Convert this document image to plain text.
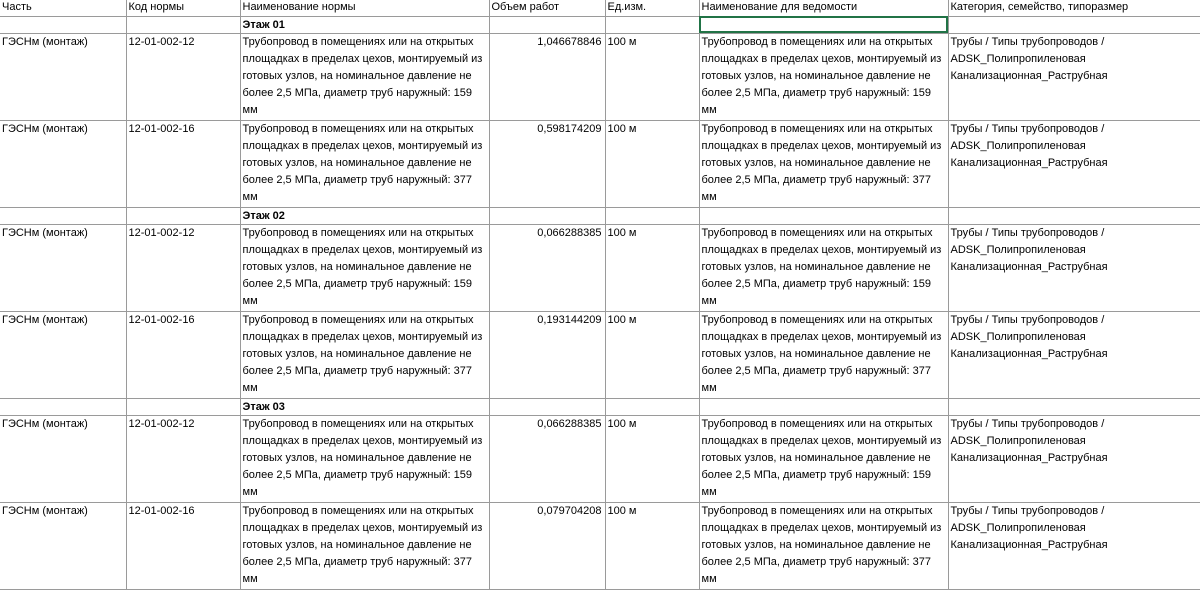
Часть	Код нормы	Наименование нормы	Объем работ	Ед.изм.	Наименование для ведомости	Категория, семейство, типоразмер
		Этаж 01				
ГЭСНм (монтаж)	12-01-002-12	Трубопровод в помещениях или на открытых площадках в пределах цехов, монтируемый из готовых узлов, на номинальное давление не более 2,5 МПа, диаметр труб наружный: 159 мм	1,046678846	100 м	Трубопровод в помещениях или на открытых площадках в пределах цехов, монтируемый из готовых узлов, на номинальное давление не более 2,5 МПа, диаметр труб наружный: 159 мм	Трубы / Типы трубопроводов / ADSK_Полипропиленовая Канализационная_Раструбная
ГЭСНм (монтаж)	12-01-002-16	Трубопровод в помещениях или на открытых площадках в пределах цехов, монтируемый из готовых узлов, на номинальное давление не более 2,5 МПа, диаметр труб наружный: 377 мм	0,598174209	100 м	Трубопровод в помещениях или на открытых площадках в пределах цехов, монтируемый из готовых узлов, на номинальное давление не более 2,5 МПа, диаметр труб наружный: 377 мм	Трубы / Типы трубопроводов / ADSK_Полипропиленовая Канализационная_Раструбная
		Этаж 02				
ГЭСНм (монтаж)	12-01-002-12	Трубопровод в помещениях или на открытых площадках в пределах цехов, монтируемый из готовых узлов, на номинальное давление не более 2,5 МПа, диаметр труб наружный: 159 мм	0,066288385	100 м	Трубопровод в помещениях или на открытых площадках в пределах цехов, монтируемый из готовых узлов, на номинальное давление не более 2,5 МПа, диаметр труб наружный: 159 мм	Трубы / Типы трубопроводов / ADSK_Полипропиленовая Канализационная_Раструбная
ГЭСНм (монтаж)	12-01-002-16	Трубопровод в помещениях или на открытых площадках в пределах цехов, монтируемый из готовых узлов, на номинальное давление не более 2,5 МПа, диаметр труб наружный: 377 мм	0,193144209	100 м	Трубопровод в помещениях или на открытых площадках в пределах цехов, монтируемый из готовых узлов, на номинальное давление не более 2,5 МПа, диаметр труб наружный: 377 мм	Трубы / Типы трубопроводов / ADSK_Полипропиленовая Канализационная_Раструбная
		Этаж 03				
ГЭСНм (монтаж)	12-01-002-12	Трубопровод в помещениях или на открытых площадках в пределах цехов, монтируемый из готовых узлов, на номинальное давление не более 2,5 МПа, диаметр труб наружный: 159 мм	0,066288385	100 м	Трубопровод в помещениях или на открытых площадках в пределах цехов, монтируемый из готовых узлов, на номинальное давление не более 2,5 МПа, диаметр труб наружный: 159 мм	Трубы / Типы трубопроводов / ADSK_Полипропиленовая Канализационная_Раструбная
ГЭСНм (монтаж)	12-01-002-16	Трубопровод в помещениях или на открытых площадках в пределах цехов, монтируемый из готовых узлов, на номинальное давление не более 2,5 МПа, диаметр труб наружный: 377 мм	0,079704208	100 м	Трубопровод в помещениях или на открытых площадках в пределах цехов, монтируемый из готовых узлов, на номинальное давление не более 2,5 МПа, диаметр труб наружный: 377 мм	Трубы / Типы трубопроводов / ADSK_Полипропиленовая Канализационная_Раструбная
